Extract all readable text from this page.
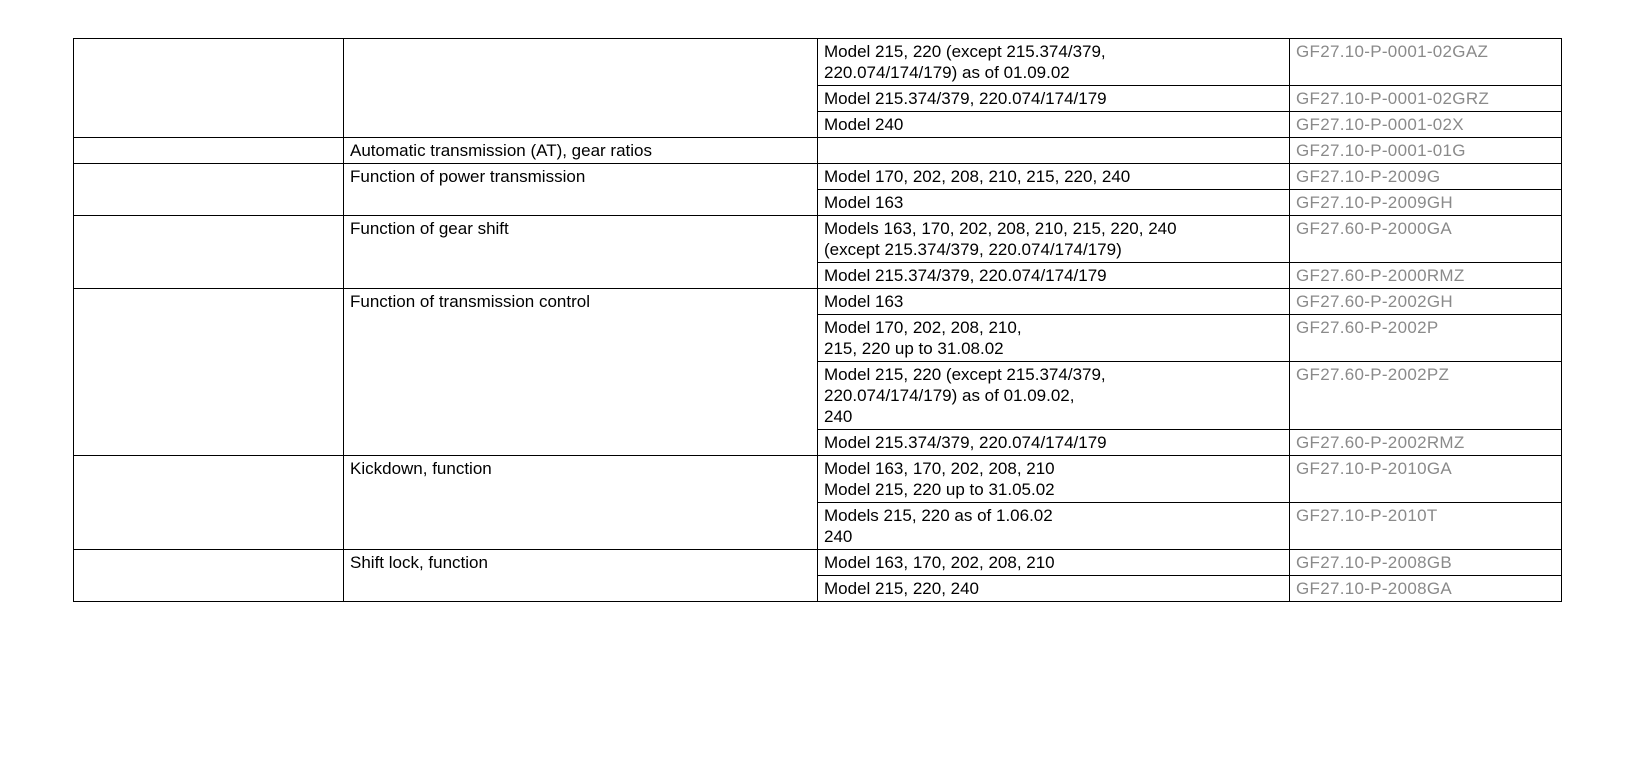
		Model 215, 220 (except 215.374/379,
220.074/174/179) as of 01.09.02	GF27.10-P-0001-02GAZ

		Model 215.374/379, 220.074/174/179	GF27.10-P-0001-02GRZ

		Model 240	GF27.10-P-0001-02X
	Automatic transmission (AT), gear ratios		GF27.10-P-0001-01G
	Function of power transmission	Model 170, 202, 208, 210, 215, 220, 240	GF27.10-P-2009G

		Model 163	GF27.10-P-2009GH
	Function of gear shift	Models 163, 170, 202, 208, 210, 215, 220, 240
(except 215.374/379, 220.074/174/179)	GF27.60-P-2000GA

		Model 215.374/379, 220.074/174/179	GF27.60-P-2000RMZ
	Function of transmission control	Model 163	GF27.60-P-2002GH

		Model 170, 202, 208, 210,
215, 220 up to 31.08.02	GF27.60-P-2002P

		Model 215, 220 (except 215.374/379,
220.074/174/179) as of 01.09.02,
240	GF27.60-P-2002PZ

		Model 215.374/379, 220.074/174/179	GF27.60-P-2002RMZ
	Kickdown, function	Model 163, 170, 202, 208, 210
Model 215, 220 up to 31.05.02	GF27.10-P-2010GA

		Models 215, 220 as of 1.06.02
240	GF27.10-P-2010T
	Shift lock, function	Model 163, 170, 202, 208, 210	GF27.10-P-2008GB

		Model 215, 220, 240	GF27.10-P-2008GA
